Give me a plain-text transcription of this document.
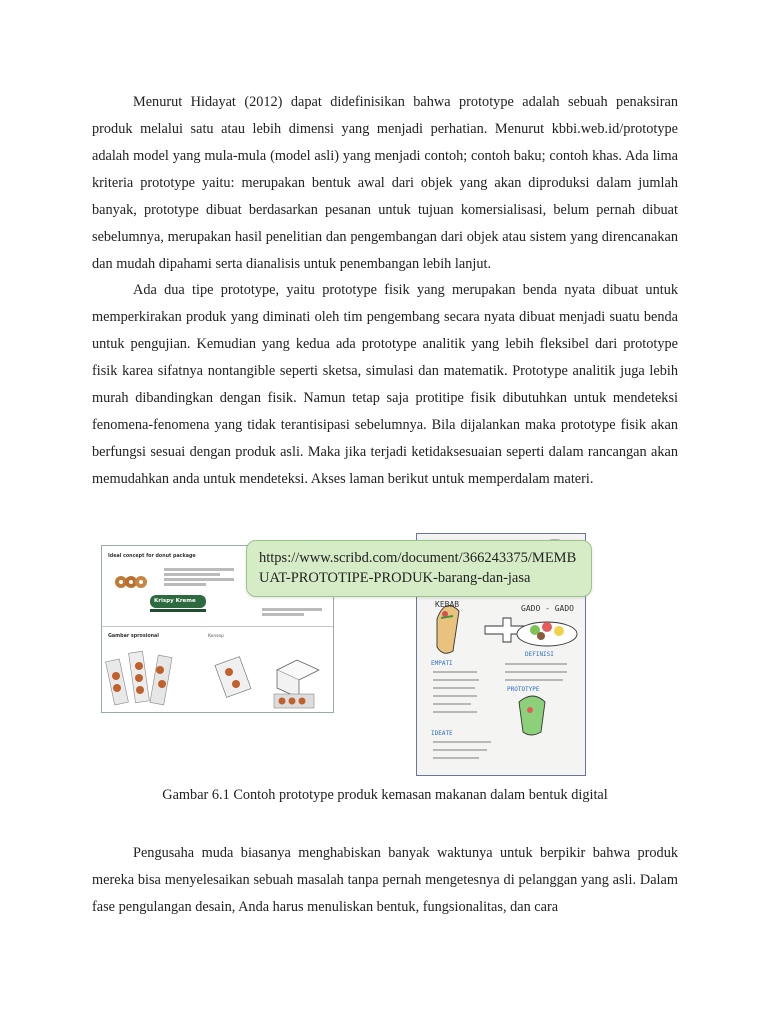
Menurut Hidayat (2012) dapat didefinisikan bahwa prototype adalah sebuah penaksiran produk melalui satu atau lebih dimensi yang menjadi perhatian. Menurut kbbi.web.id/prototype adalah model yang mula-mula (model asli) yang menjadi contoh; contoh baku; contoh khas. Ada lima kriteria prototype yaitu: merupakan bentuk awal dari objek yang akan diproduksi dalam jumlah banyak, prototype dibuat berdasarkan pesanan untuk tujuan komersialisasi, belum pernah dibuat sebelumnya, merupakan hasil penelitian dan pengembangan dari objek atau sistem yang direncanakan dan mudah dipahami serta dianalisis untuk penembangan lebih lanjut.

Ada dua tipe prototype, yaitu prototype fisik yang merupakan benda nyata dibuat untuk memperkirakan produk yang diminati oleh tim pengembang secara nyata dibuat menjadi suatu benda untuk pengujian. Kemudian yang kedua ada prototype analitik yang lebih fleksibel dari prototype fisik karea sifatnya nontangible seperti sketsa, simulasi dan matematik. Prototype analitik juga lebih murah dibandingkan dengan fisik. Namun tetap saja protitipe fisik dibutuhkan untuk mendeteksi fenomena-fenomena yang tidak terantisipasi sebelumnya. Bila dijalankan maka prototype fisik akan berfungsi sesuai dengan produk asli. Maka jika terjadi ketidaksesuaian seperti dalam rancangan akan memudahkan anda untuk mendeteksi. Akses laman berikut untuk memperdalam materi.

Ideal concept for donut package
Krispy Kreme
Gambar sprosional	Konsep
KEBAB	GADO - GADO
EMPATI
DEFINISI
PROTOTYPE
IDEATE
https://www.scribd.com/document/366243375/MEMBUAT-PROTOTIPE-PRODUK-barang-dan-jasa

Gambar 6.1 Contoh prototype produk kemasan makanan dalam bentuk digital

Pengusaha muda biasanya menghabiskan banyak waktunya untuk berpikir bahwa produk mereka bisa menyelesaikan sebuah masalah tanpa pernah mengetesnya di pelanggan yang asli. Dalam fase pengulangan desain, Anda harus menuliskan bentuk, fungsionalitas, dan cara
